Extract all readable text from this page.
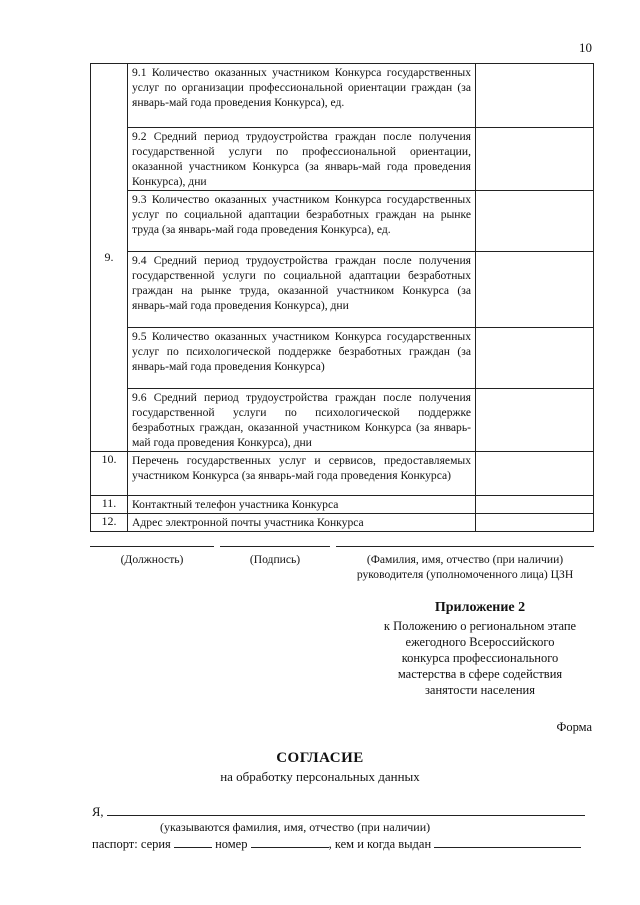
10
9.	9.1 Количество оказанных участником Конкурса государственных услуг по организации профессиональной ориентации граждан (за январь-май года проведения Конкурса), ед.	
	9.2 Средний период трудоустройства граждан после получения государственной услуги по профессиональной ориентации, оказанной участником Конкурса (за январь-май года проведения Конкурса), дни	
	9.3 Количество оказанных участником Конкурса государственных услуг по социальной адаптации безработных граждан на рынке труда (за январь-май года проведения Конкурса), ед.	
	9.4 Средний период трудоустройства граждан после получения государственной услуги по социальной адаптации безработных граждан на рынке труда, оказанной участником Конкурса (за январь-май года проведения Конкурса), дни	
	9.5 Количество оказанных участником Конкурса государственных услуг по психологической поддержке безработных граждан (за январь-май года проведения Конкурса)	
	9.6 Средний период трудоустройства граждан после получения государственной услуги по психологической поддержке безработных граждан, оказанной участником Конкурса (за январь-май года проведения Конкурса), дни	
10.	Перечень государственных услуг и сервисов, предоставляемых участником Конкурса (за январь-май года проведения Конкурса)	
11.	Контактный телефон участника Конкурса	
12.	Адрес электронной почты участника Конкурса	
(Должность)	(Подпись)	(Фамилия, имя, отчество (при наличии)
руководителя (уполномоченного лица) ЦЗН
Приложение 2
к Положению о региональном этапе
ежегодного Всероссийского
конкурса профессионального
мастерства в сфере содействия
занятости населения
Форма
СОГЛАСИЕ
на обработку персональных данных
Я,
(указываются фамилия, имя, отчество (при наличии)
паспорт: серия	номер	, кем и когда выдан
